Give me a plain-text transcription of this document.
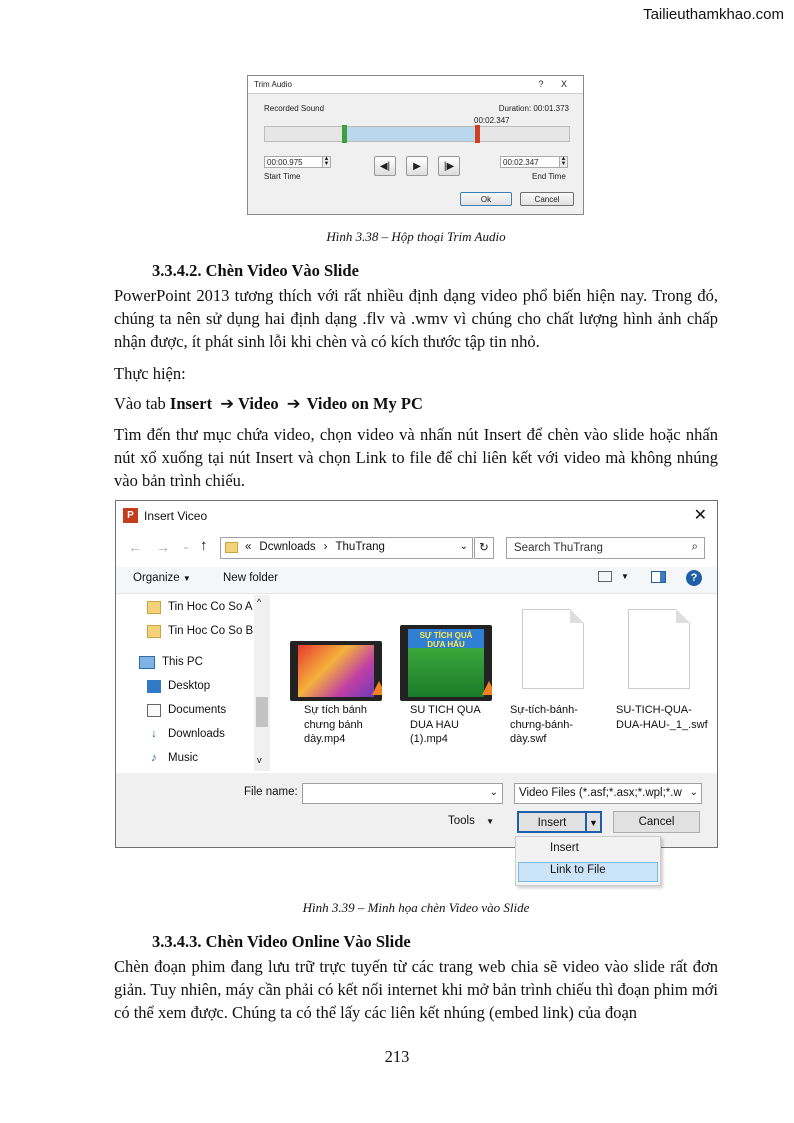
Tailieuthamkhao.com
Trim Audio	?	X
Recorded Sound	Duration: 00:01.373
00:02.347
00:00.975	▲
▼
Start Time
◀|	▶	|▶	00:02.347	▲
▼
End Time
Ok	Cancel
Hình 3.38 – Hộp thoại Trim Audio
3.3.4.2. Chèn Video Vào Slide
PowerPoint 2013 tương thích với rất nhiều định dạng video phổ biến hiện nay. Trong đó, chúng ta nên sử dụng hai định dạng .flv và .wmv vì chúng cho chất lượng hình ảnh chấp nhận được, ít phát sinh lỗi khi chèn và có kích thước tập tin nhỏ.
Thực hiện:
Vào tab Insert ➔ Video ➔ Video on My PC
Tìm đến thư mục chứa video, chọn video và nhấn nút Insert để chèn vào slide hoặc nhấn nút xổ xuống tại nút Insert và chọn Link to file để chỉ liên kết với video mà không nhúng vào bản trình chiếu.
P Insert Viceo	✕
← → ⌄ ↑	« Dcwnloads › ThuTrang	⌄ ↻	Search ThuTrang	⌕
Organize ▼	New folder	▼	?
Tin Hoc Co So A
Tin Hoc Co So B
This PC
Desktop
Documents
↓ Downloads
♪ Music
^
v
Sự tích bánh chưng bánh dày.mp4
SỰ TÍCH QUẢ DƯA HẤU
SU TICH QUA DUA HAU (1).mp4
Sự-tích-bánh-chưng-bánh-dày.swf
SU-TICH-QUA-DUA-HAU-_1_.swf
File name:	⌄ Video Files (*.asf;*.asx;*.wpl;*.w ⌄
Tools ▼	Insert	▼	Cancel
Insert
Link to File
Hình 3.39 – Minh họa chèn Video vào Slide
3.3.4.3. Chèn Video Online Vào Slide
Chèn đoạn phim đang lưu trữ trực tuyến từ các trang web chia sẽ video vào slide rất đơn giản. Tuy nhiên, máy cần phải có kết nối internet khi mở bản trình chiếu thì đoạn phim mới có thể xem được. Chúng ta có thể lấy các liên kết nhúng (embed link) của đoạn
213
